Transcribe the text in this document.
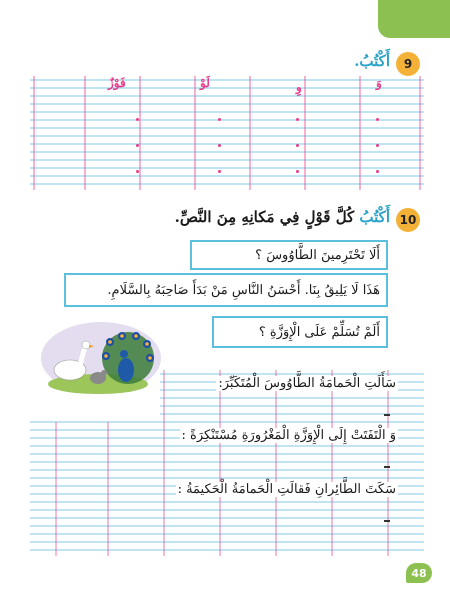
9
أَكْتُبُ.
وَ
وِ
لَوْ
فَوْزٌ
10
أَكْتُبُ كُلَّ قَوْلٍ فِي مَكانِهِ مِنَ النَّصِّ.
أَلَا تَحْتَرِمينَ الطَّاوُوسَ ؟
هَذَا لَا يَلِيقُ بِنَا. أَحْسَنُ النَّاسِ مَنْ بَدَأَ صَاحِبَهُ بِالسَّلَامِ.
أَلَمْ تُسَلِّمْ عَلَى الْإِوَزَّةِ ؟
سَأَلَتِ الْحَمامَةُ الطَّاوُوسَ الْمُتَكَبِّرَ:
وَ الْتَفَتَتْ إِلَى الْإِوَزَّةِ الْمَغْرُورَةِ مُسْتَنْكِرَةً :
سَكَتَ الطَّائِرانِ فَقالَتِ الْحَمامَةُ الْحَكيمَةُ :
48
